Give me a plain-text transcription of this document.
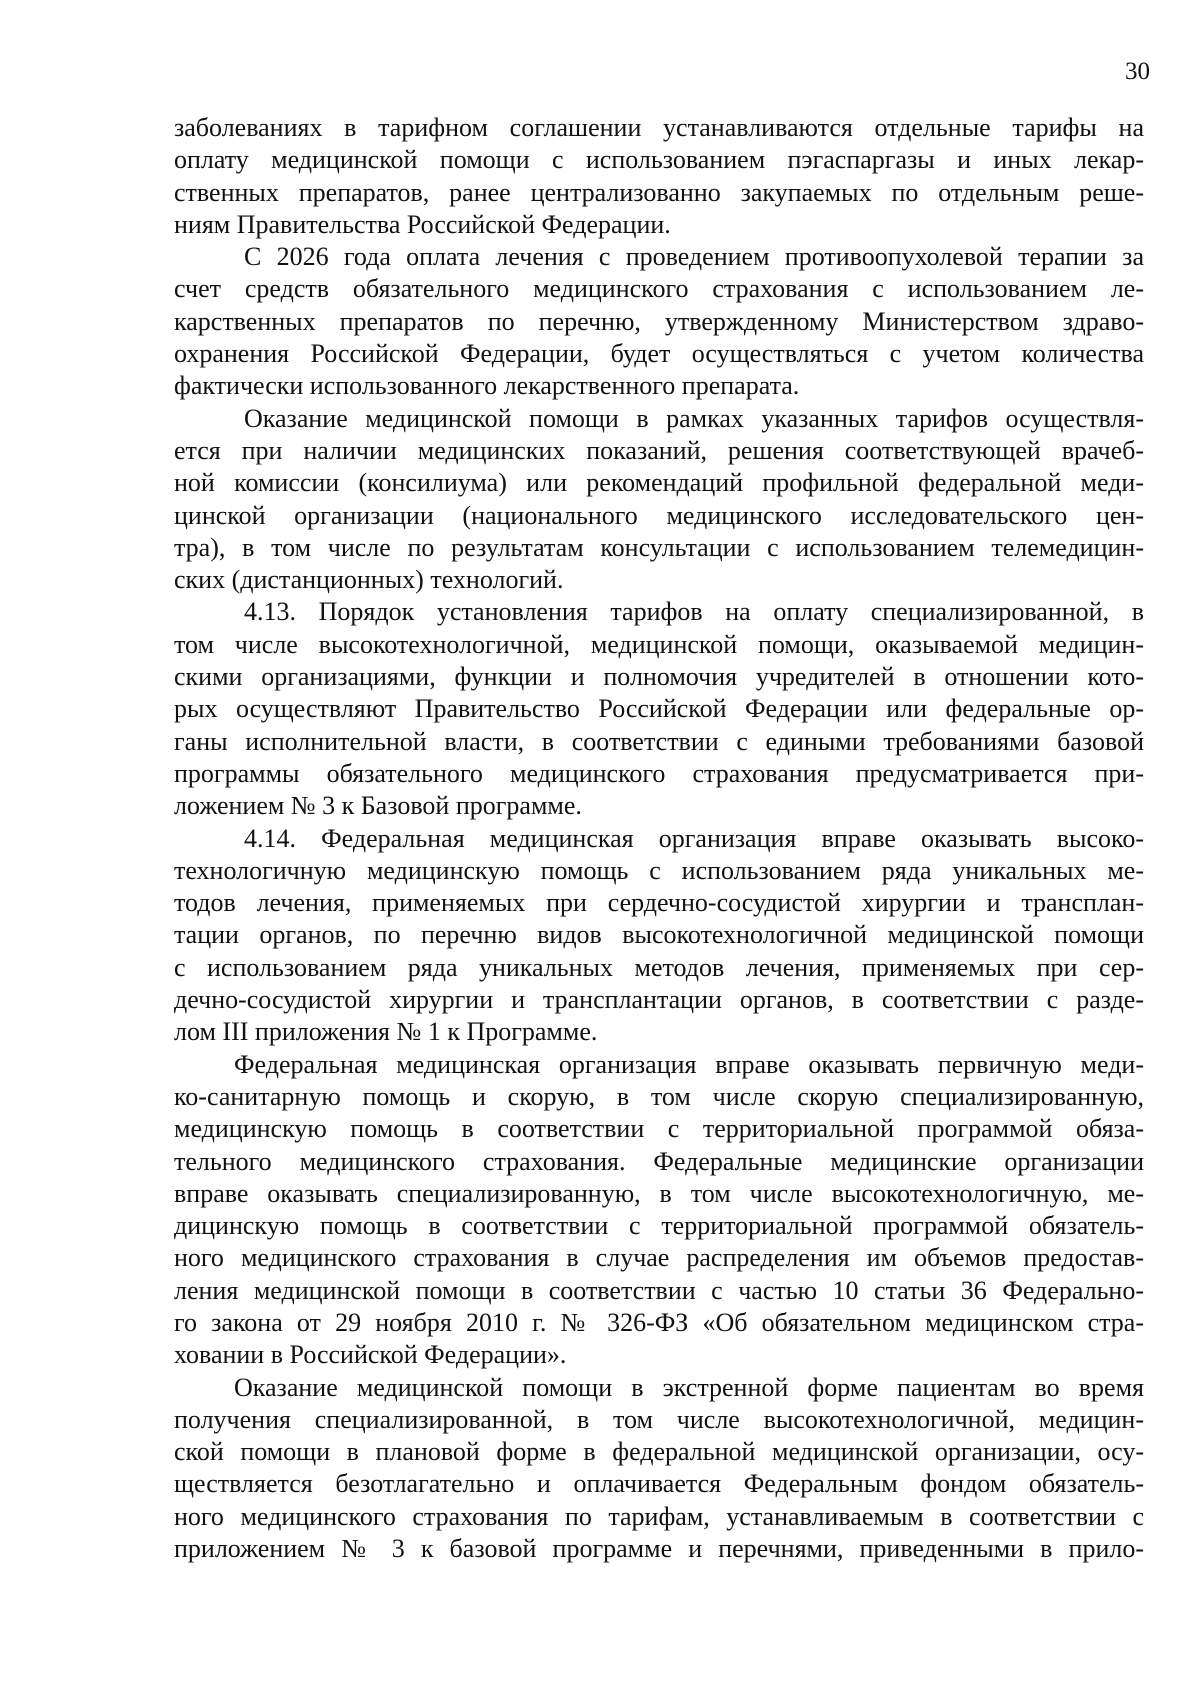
30
заболеваниях в тарифном соглашении устанавливаются отдельные тарифы на
оплату медицинской помощи с использованием пэгаспаргазы и иных лекар-
ственных препаратов, ранее централизованно закупаемых по отдельным реше-
ниям Правительства Российской Федерации.
С 2026 года оплата лечения с проведением противоопухолевой терапии за
счет средств обязательного медицинского страхования с использованием ле-
карственных препаратов по перечню, утвержденному Министерством здраво-
охранения Российской Федерации, будет осуществляться с учетом количества
фактически использованного лекарственного препарата.
Оказание медицинской помощи в рамках указанных тарифов осуществля-
ется при наличии медицинских показаний, решения соответствующей врачеб-
ной комиссии (консилиума) или рекомендаций профильной федеральной меди-
цинской организации (национального медицинского исследовательского цен-
тра), в том числе по результатам консультации с использованием телемедицин-
ских (дистанционных) технологий.
4.13. Порядок установления тарифов на оплату специализированной, в
том числе высокотехнологичной, медицинской помощи, оказываемой медицин-
скими организациями, функции и полномочия учредителей в отношении кото-
рых осуществляют Правительство Российской Федерации или федеральные ор-
ганы исполнительной власти, в соответствии с едиными требованиями базовой
программы обязательного медицинского страхования предусматривается при-
ложением № 3 к Базовой программе.
4.14. Федеральная медицинская организация вправе оказывать высоко-
технологичную медицинскую помощь с использованием ряда уникальных ме-
тодов лечения, применяемых при сердечно-сосудистой хирургии и трансплан-
тации органов, по перечню видов высокотехнологичной медицинской помощи
с использованием ряда уникальных методов лечения, применяемых при сер-
дечно-сосудистой хирургии и трансплантации органов, в соответствии с разде-
лом III приложения № 1 к Программе.
Федеральная медицинская организация вправе оказывать первичную меди-
ко-санитарную помощь и скорую, в том числе скорую специализированную,
медицинскую помощь в соответствии с территориальной программой обяза-
тельного медицинского страхования. Федеральные медицинские организации
вправе оказывать специализированную, в том числе высокотехнологичную, ме-
дицинскую помощь в соответствии с территориальной программой обязатель-
ного медицинского страхования в случае распределения им объемов предостав-
ления медицинской помощи в соответствии с частью 10 статьи 36 Федерально-
го закона от 29 ноября 2010 г. № 326-ФЗ «Об обязательном медицинском стра-
ховании в Российской Федерации».
Оказание медицинской помощи в экстренной форме пациентам во время
получения специализированной, в том числе высокотехнологичной, медицин-
ской помощи в плановой форме в федеральной медицинской организации, осу-
ществляется безотлагательно и оплачивается Федеральным фондом обязатель-
ного медицинского страхования по тарифам, устанавливаемым в соответствии с
приложением № 3 к базовой программе и перечнями, приведенными в прило-
